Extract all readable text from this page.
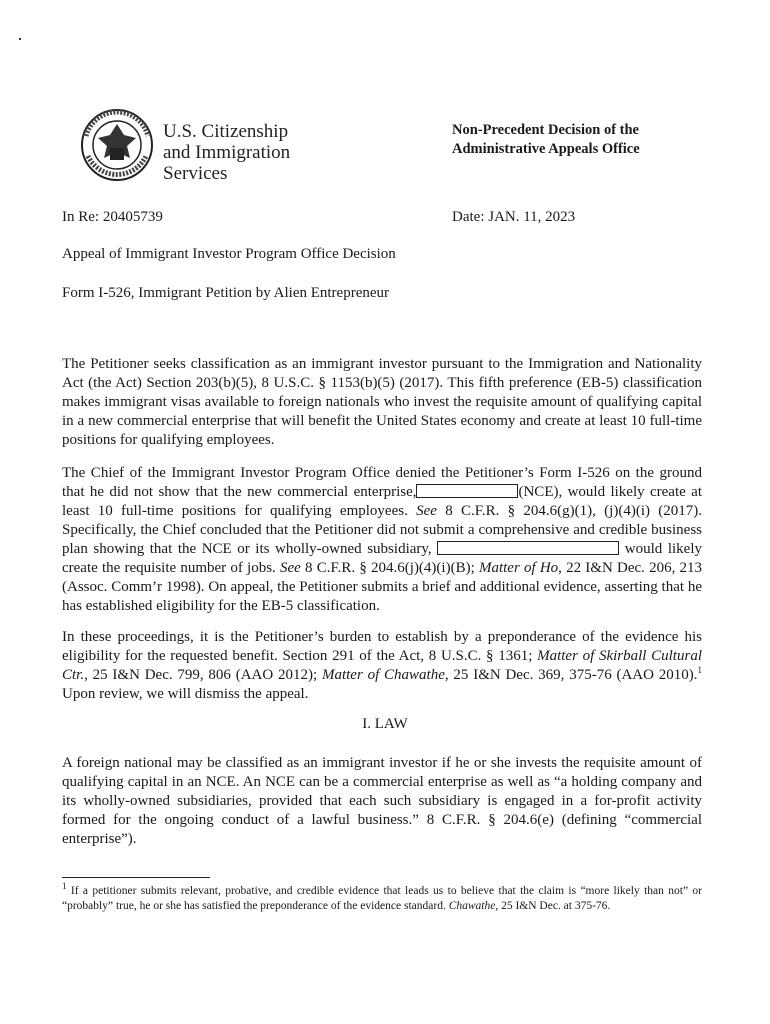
U.S. Citizenship
and Immigration
Services
Non-Precedent Decision of the
Administrative Appeals Office
In Re: 20405739	Date: JAN. 11, 2023
Appeal of Immigrant Investor Program Office Decision
Form I-526, Immigrant Petition by Alien Entrepreneur
The Petitioner seeks classification as an immigrant investor pursuant to the Immigration and Nationality Act (the Act) Section 203(b)(5), 8 U.S.C. § 1153(b)(5) (2017). This fifth preference (EB-5) classification makes immigrant visas available to foreign nationals who invest the requisite amount of qualifying capital in a new commercial enterprise that will benefit the United States economy and create at least 10 full-time positions for qualifying employees.
The Chief of the Immigrant Investor Program Office denied the Petitioner’s Form I-526 on the ground that he did not show that the new commercial enterprise,	(NCE), would likely create at least 10 full-time positions for qualifying employees. See 8 C.F.R. § 204.6(g)(1), (j)(4)(i) (2017). Specifically, the Chief concluded that the Petitioner did not submit a comprehensive and credible business plan showing that the NCE or its wholly-owned subsidiary,	would likely create the requisite number of jobs. See 8 C.F.R. § 204.6(j)(4)(i)(B); Matter of Ho, 22 I&N Dec. 206, 213 (Assoc. Comm’r 1998). On appeal, the Petitioner submits a brief and additional evidence, asserting that he has established eligibility for the EB-5 classification.
In these proceedings, it is the Petitioner’s burden to establish by a preponderance of the evidence his eligibility for the requested benefit. Section 291 of the Act, 8 U.S.C. § 1361; Matter of Skirball Cultural Ctr., 25 I&N Dec. 799, 806 (AAO 2012); Matter of Chawathe, 25 I&N Dec. 369, 375-76 (AAO 2010).$^1$ Upon review, we will dismiss the appeal.
I. LAW
A foreign national may be classified as an immigrant investor if he or she invests the requisite amount of qualifying capital in an NCE. An NCE can be a commercial enterprise as well as “a holding company and its wholly-owned subsidiaries, provided that each such subsidiary is engaged in a for-profit activity formed for the ongoing conduct of a lawful business.” 8 C.F.R. § 204.6(e) (defining “commercial enterprise”).
$^1$ If a petitioner submits relevant, probative, and credible evidence that leads us to believe that the claim is “more likely than not” or “probably” true, he or she has satisfied the preponderance of the evidence standard. Chawathe, 25 I&N Dec. at 375-76.
